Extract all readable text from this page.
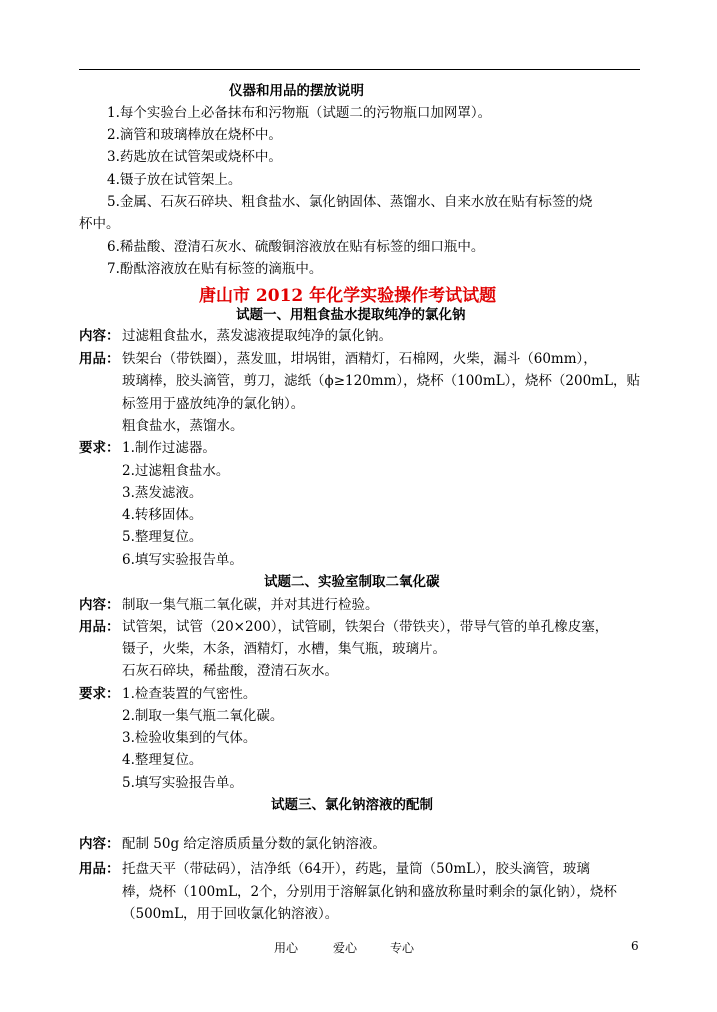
仪器和用品的摆放说明
1.每个实验台上必备抹布和污物瓶（试题二的污物瓶口加网罩）。
2.滴管和玻璃棒放在烧杯中。
3.药匙放在试管架或烧杯中。
4.镊子放在试管架上。
5.金属、石灰石碎块、粗食盐水、氯化钠固体、蒸馏水、自来水放在贴有标签的烧
杯中。
6.稀盐酸、澄清石灰水、硫酸铜溶液放在贴有标签的细口瓶中。
7.酚酞溶液放在贴有标签的滴瓶中。
唐山市 2012 年化学实验操作考试试题
试题一、用粗食盐水提取纯净的氯化钠
内容： 过滤粗食盐水，蒸发滤液提取纯净的氯化钠。
用品： 铁架台（带铁圈），蒸发皿，坩埚钳，酒精灯，石棉网，火柴，漏斗（60mm），
玻璃棒，胶头滴管，剪刀，滤纸（ϕ≥120mm），烧杯（100mL），烧杯（200mL，贴
标签用于盛放纯净的氯化钠）。
粗食盐水，蒸馏水。
要求： 1.制作过滤器。
2.过滤粗食盐水。
3.蒸发滤液。
4.转移固体。
5.整理复位。
6.填写实验报告单。
试题二、实验室制取二氧化碳
内容： 制取一集气瓶二氧化碳，并对其进行检验。
用品： 试管架，试管（20×200），试管刷，铁架台（带铁夹），带导气管的单孔橡皮塞，
镊子，火柴，木条，酒精灯，水槽，集气瓶，玻璃片。
石灰石碎块，稀盐酸，澄清石灰水。
要求： 1.检查装置的气密性。
2.制取一集气瓶二氧化碳。
3.检验收集到的气体。
4.整理复位。
5.填写实验报告单。
试题三、氯化钠溶液的配制
内容： 配制 50g 给定溶质质量分数的氯化钠溶液。
用品： 托盘天平（带砝码），洁净纸（64开），药匙，量筒（50mL），胶头滴管，玻璃
棒，烧杯（100mL，2个，分别用于溶解氯化钠和盛放称量时剩余的氯化钠），烧杯
（500mL，用于回收氯化钠溶液）。
用心	爱心	专心	6
